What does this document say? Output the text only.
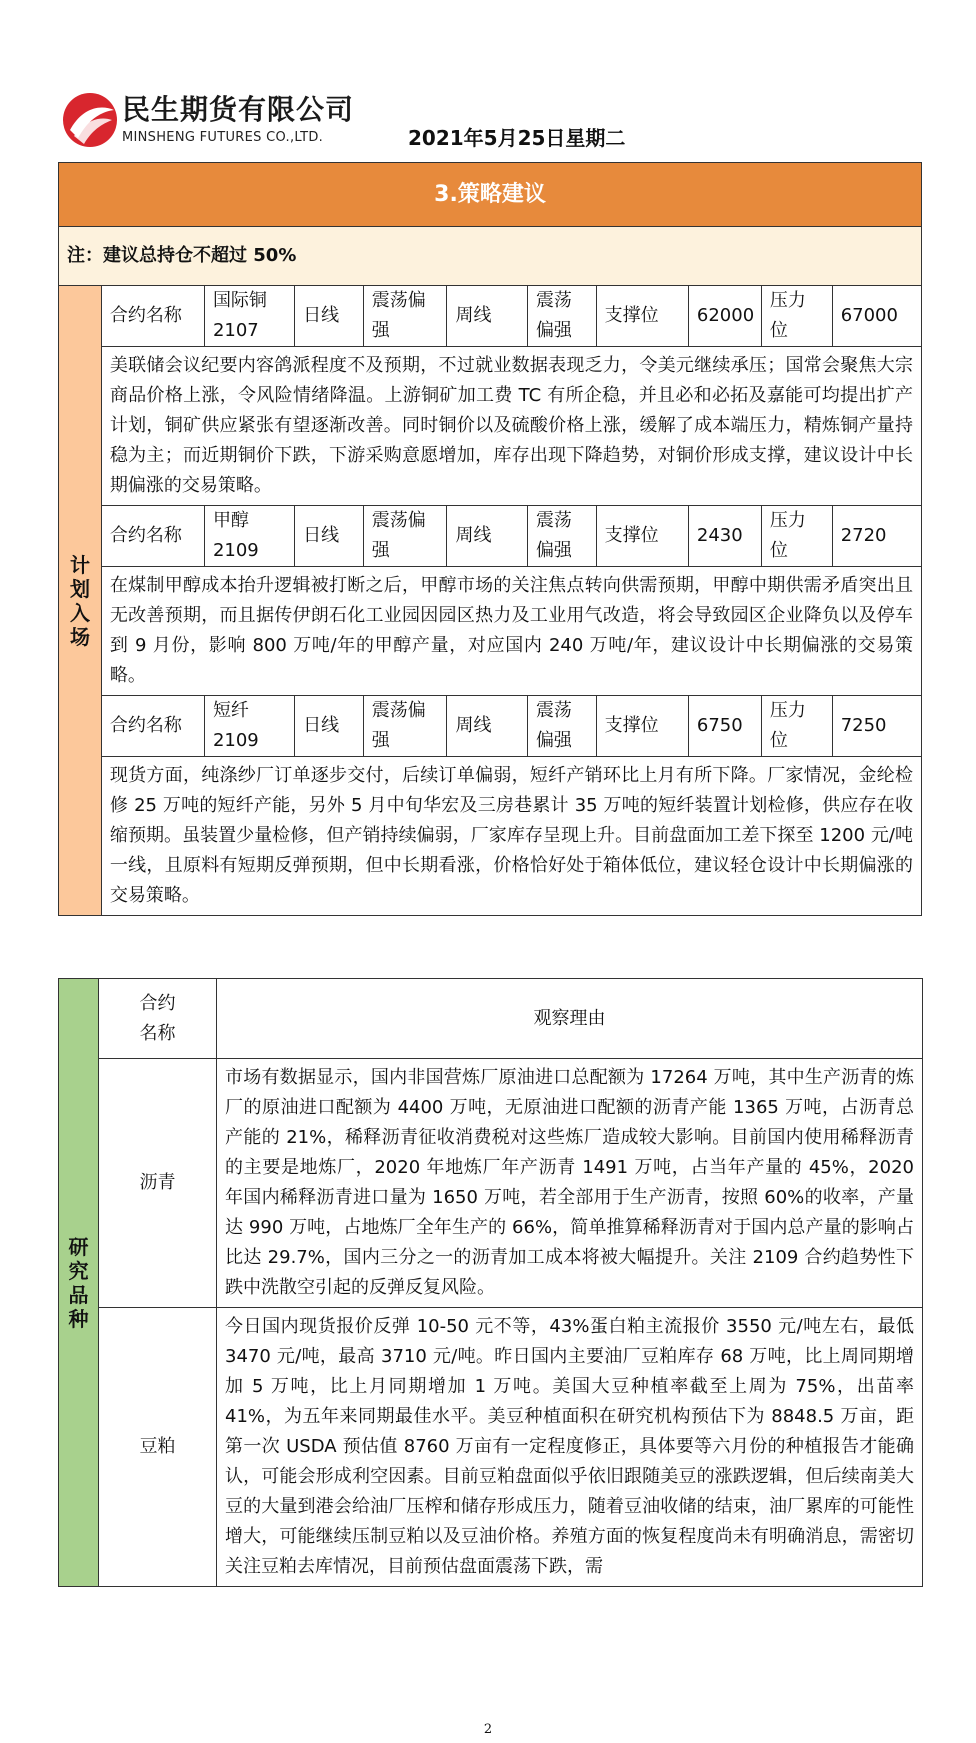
民生期货有限公司
MINSHENG FUTURES CO.,LTD.	2021年5月25日星期二
3.策略建议										
注：建议总持仓不超过 50%										
计划入场	合约名称	国际铜 2107	日线	震荡偏强	周线	震荡偏强	支撑位	62000	压力位	67000
	美联储会议纪要内容鸽派程度不及预期，不过就业数据表现乏力，令美元继续承压；国常会聚焦大宗商品价格上涨，令风险情绪降温。上游铜矿加工费 TC 有所企稳，并且必和必拓及嘉能可均提出扩产计划，铜矿供应紧张有望逐渐改善。同时铜价以及硫酸价格上涨，缓解了成本端压力，精炼铜产量持稳为主；而近期铜价下跌，下游采购意愿增加，库存出现下降趋势，对铜价形成支撑，建议设计中长期偏涨的交易策略。									
	合约名称	甲醇 2109	日线	震荡偏强	周线	震荡偏强	支撑位	2430	压力位	2720
	在煤制甲醇成本抬升逻辑被打断之后，甲醇市场的关注焦点转向供需预期，甲醇中期供需矛盾突出且无改善预期，而且据传伊朗石化工业园因园区热力及工业用气改造，将会导致园区企业降负以及停车到 9 月份，影响 800 万吨/年的甲醇产量，对应国内 240 万吨/年，建议设计中长期偏涨的交易策略。									
	合约名称	短纤 2109	日线	震荡偏强	周线	震荡偏强	支撑位	6750	压力位	7250
	现货方面，纯涤纱厂订单逐步交付，后续订单偏弱，短纤产销环比上月有所下降。厂家情况，金纶检修 25 万吨的短纤产能，另外 5 月中旬华宏及三房巷累计 35 万吨的短纤装置计划检修，供应存在收缩预期。虽装置少量检修，但产销持续偏弱，厂家库存呈现上升。目前盘面加工差下探至 1200 元/吨一线，且原料有短期反弹预期，但中长期看涨，价格恰好处于箱体低位，建议轻仓设计中长期偏涨的交易策略。									
研究品种	合约名称	观察理由
	沥青	市场有数据显示，国内非国营炼厂原油进口总配额为 17264 万吨，其中生产沥青的炼厂的原油进口配额为 4400 万吨，无原油进口配额的沥青产能 1365 万吨，占沥青总产能的 21%，稀释沥青征收消费税对这些炼厂造成较大影响。目前国内使用稀释沥青的主要是地炼厂，2020 年地炼厂年产沥青 1491 万吨，占当年产量的 45%，2020 年国内稀释沥青进口量为 1650 万吨，若全部用于生产沥青，按照 60%的收率，产量达 990 万吨，占地炼厂全年生产的 66%，简单推算稀释沥青对于国内总产量的影响占比达 29.7%，国内三分之一的沥青加工成本将被大幅提升。关注 2109 合约趋势性下跌中洗散空引起的反弹反复风险。
	豆粕	今日国内现货报价反弹 10-50 元不等，43%蛋白粕主流报价 3550 元/吨左右，最低 3470 元/吨，最高 3710 元/吨。昨日国内主要油厂豆粕库存 68 万吨，比上周同期增加 5 万吨，比上月同期增加 1 万吨。美国大豆种植率截至上周为 75%，出苗率 41%，为五年来同期最佳水平。美豆种植面积在研究机构预估下为 8848.5 万亩，距第一次 USDA 预估值 8760 万亩有一定程度修正，具体要等六月份的种植报告才能确认，可能会形成利空因素。目前豆粕盘面似乎依旧跟随美豆的涨跌逻辑，但后续南美大豆的大量到港会给油厂压榨和储存形成压力，随着豆油收储的结束，油厂累库的可能性增大，可能继续压制豆粕以及豆油价格。养殖方面的恢复程度尚未有明确消息，需密切关注豆粕去库情况，目前预估盘面震荡下跌，需
2
